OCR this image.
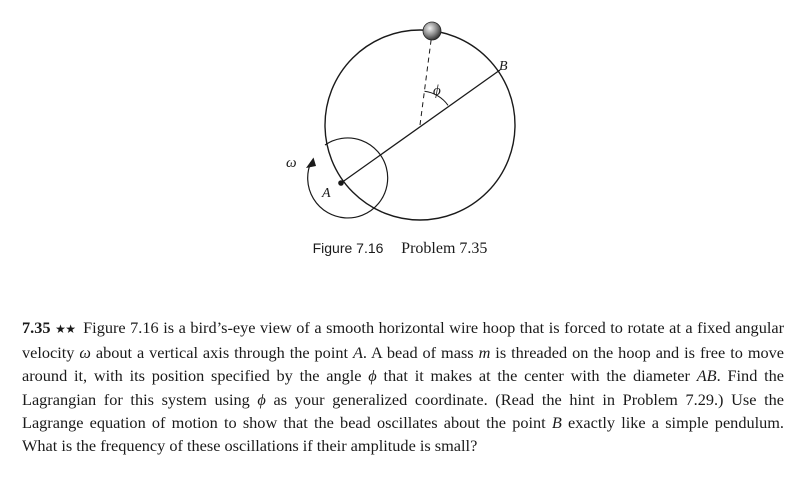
ω
A
B
ϕ
Figure 7.16 Problem 7.35
7.35 ★★ Figure 7.16 is a bird’s-eye view of a smooth horizontal wire hoop that is forced to rotate at a fixed angular velocity ω about a vertical axis through the point A. A bead of mass m is threaded on the hoop and is free to move around it, with its position specified by the angle ϕ that it makes at the center with the diameter AB. Find the Lagrangian for this system using ϕ as your generalized coordinate. (Read the hint in Problem 7.29.) Use the Lagrange equation of motion to show that the bead oscillates about the point B exactly like a simple pendulum. What is the frequency of these oscillations if their amplitude is small?
